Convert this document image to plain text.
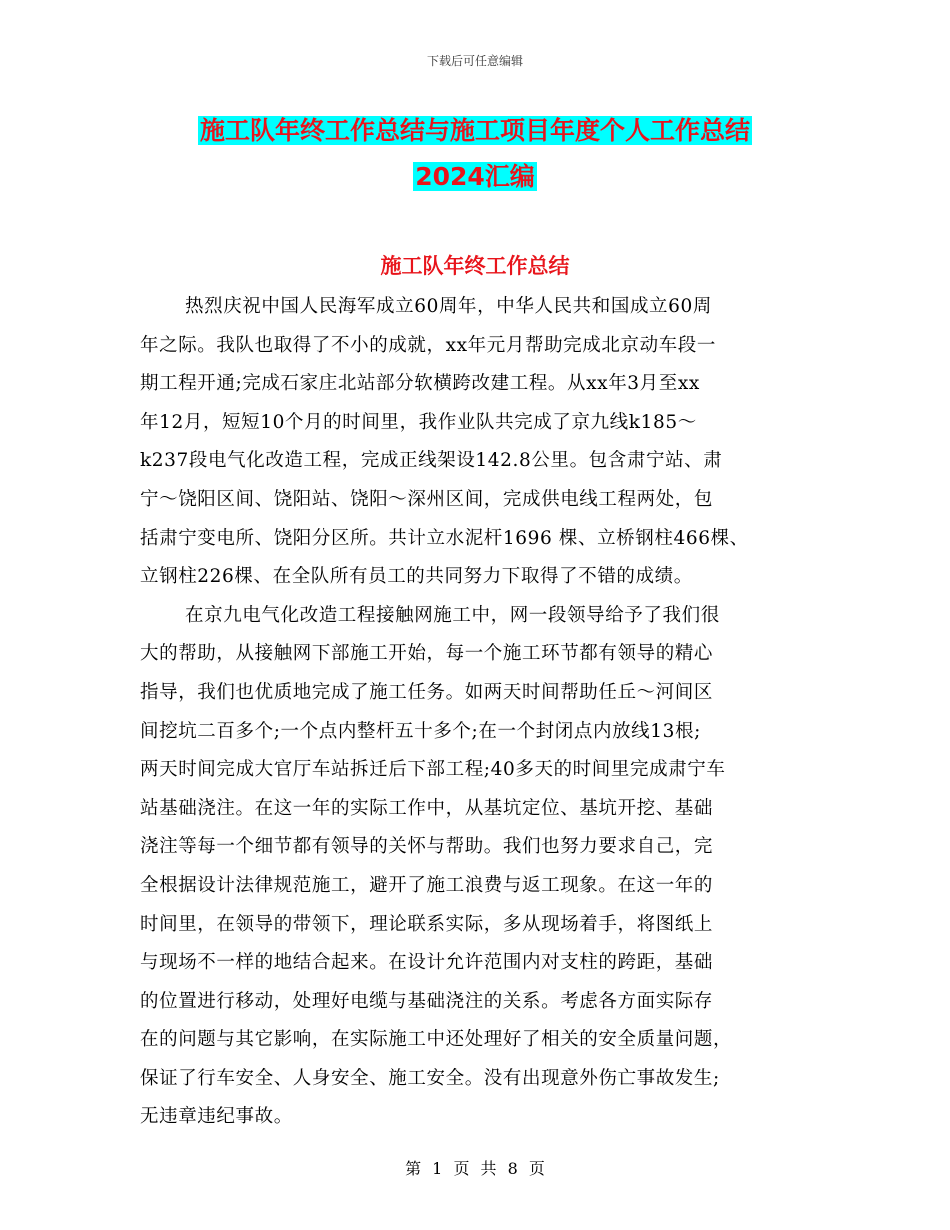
下载后可任意编辑
施工队年终工作总结与施工项目年度个人工作总结
2024汇编
施工队年终工作总结
热烈庆祝中国人民海军成立60周年，中华人民共和国成立60周
年之际。我队也取得了不小的成就，xx年元月帮助完成北京动车段一
期工程开通;完成石家庄北站部分软横跨改建工程。从xx年3月至xx
年12月，短短10个月的时间里，我作业队共完成了京九线k185～
k237段电气化改造工程，完成正线架设142.8公里。包含肃宁站、肃
宁～饶阳区间、饶阳站、饶阳～深州区间，完成供电线工程两处，包
括肃宁变电所、饶阳分区所。共计立水泥杆1696 棵、立桥钢柱466棵、
立钢柱226棵、在全队所有员工的共同努力下取得了不错的成绩。
在京九电气化改造工程接触网施工中，网一段领导给予了我们很
大的帮助，从接触网下部施工开始，每一个施工环节都有领导的精心
指导，我们也优质地完成了施工任务。如两天时间帮助任丘～河间区
间挖坑二百多个;一个点内整杆五十多个;在一个封闭点内放线13根;
两天时间完成大官厅车站拆迁后下部工程;40多天的时间里完成肃宁车
站基础浇注。在这一年的实际工作中，从基坑定位、基坑开挖、基础
浇注等每一个细节都有领导的关怀与帮助。我们也努力要求自己，完
全根据设计法律规范施工，避开了施工浪费与返工现象。在这一年的
时间里，在领导的带领下，理论联系实际，多从现场着手，将图纸上
与现场不一样的地结合起来。在设计允许范围内对支柱的跨距，基础
的位置进行移动，处理好电缆与基础浇注的关系。考虑各方面实际存
在的问题与其它影响，在实际施工中还处理好了相关的安全质量问题，
保证了行车安全、人身安全、施工安全。没有出现意外伤亡事故发生;
无违章违纪事故。
第 1 页 共 8 页
